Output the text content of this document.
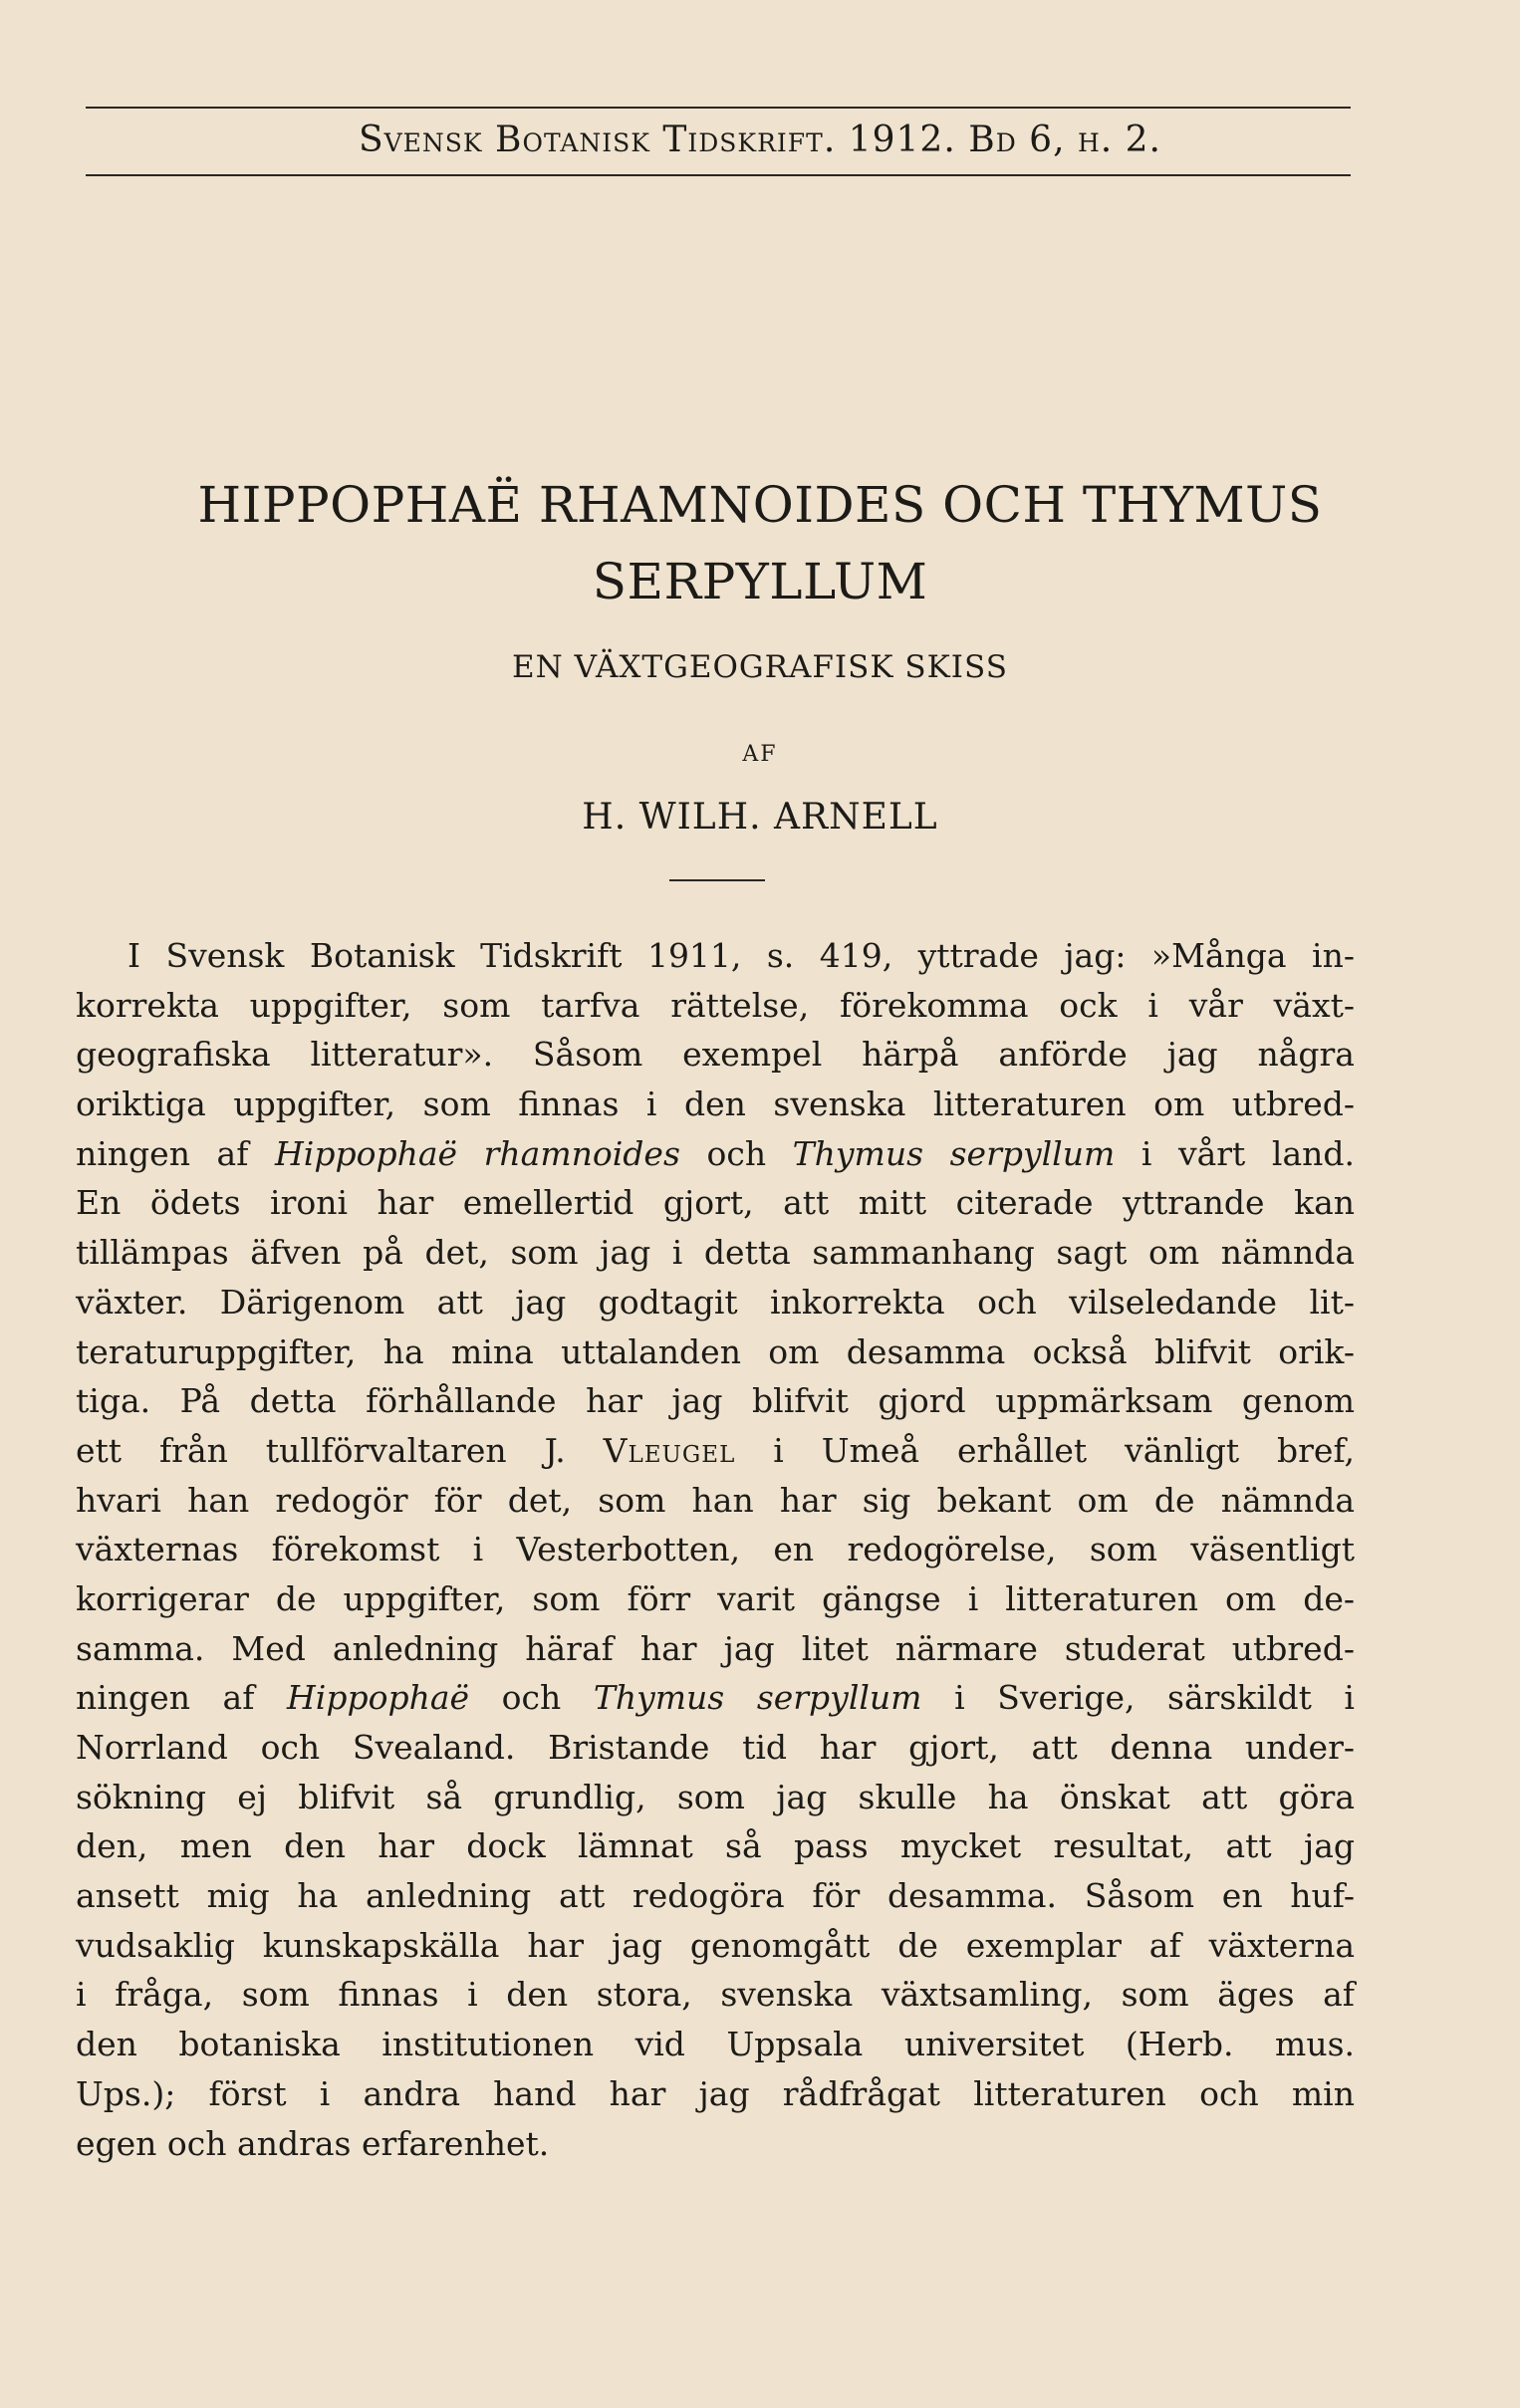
Svensk Botanisk Tidskrift. 1912. Bd 6, h. 2.
HIPPOPHAË RHAMNOIDES OCH THYMUS
SERPYLLUM
EN VÄXTGEOGRAFISK SKISS
AF
H. WILH. ARNELL
I Svensk Botanisk Tidskrift 1911, s. 419, yttrade jag: »Många in-
korrekta uppgifter, som tarfva rättelse, förekomma ock i vår växt-
geografiska litteratur». Såsom exempel härpå anförde jag några
oriktiga uppgifter, som finnas i den svenska litteraturen om utbred-
ningen af Hippophaë rhamnoides och Thymus serpyllum i vårt land.
En ödets ironi har emellertid gjort, att mitt citerade yttrande kan
tillämpas äfven på det, som jag i detta sammanhang sagt om nämnda
växter. Därigenom att jag godtagit inkorrekta och vilseledande lit-
teraturuppgifter, ha mina uttalanden om desamma också blifvit orik-
tiga. På detta förhållande har jag blifvit gjord uppmärksam genom
ett från tullförvaltaren J. Vleugel i Umeå erhållet vänligt bref,
hvari han redogör för det, som han har sig bekant om de nämnda
växternas förekomst i Vesterbotten, en redogörelse, som väsentligt
korrigerar de uppgifter, som förr varit gängse i litteraturen om de-
samma. Med anledning häraf har jag litet närmare studerat utbred-
ningen af Hippophaë och Thymus serpyllum i Sverige, särskildt i
Norrland och Svealand. Bristande tid har gjort, att denna under-
sökning ej blifvit så grundlig, som jag skulle ha önskat att göra
den, men den har dock lämnat så pass mycket resultat, att jag
ansett mig ha anledning att redogöra för desamma. Såsom en huf-
vudsaklig kunskapskälla har jag genomgått de exemplar af växterna
i fråga, som finnas i den stora, svenska växtsamling, som äges af
den botaniska institutionen vid Uppsala universitet (Herb. mus.
Ups.); först i andra hand har jag rådfrågat litteraturen och min
egen och andras erfarenhet.
